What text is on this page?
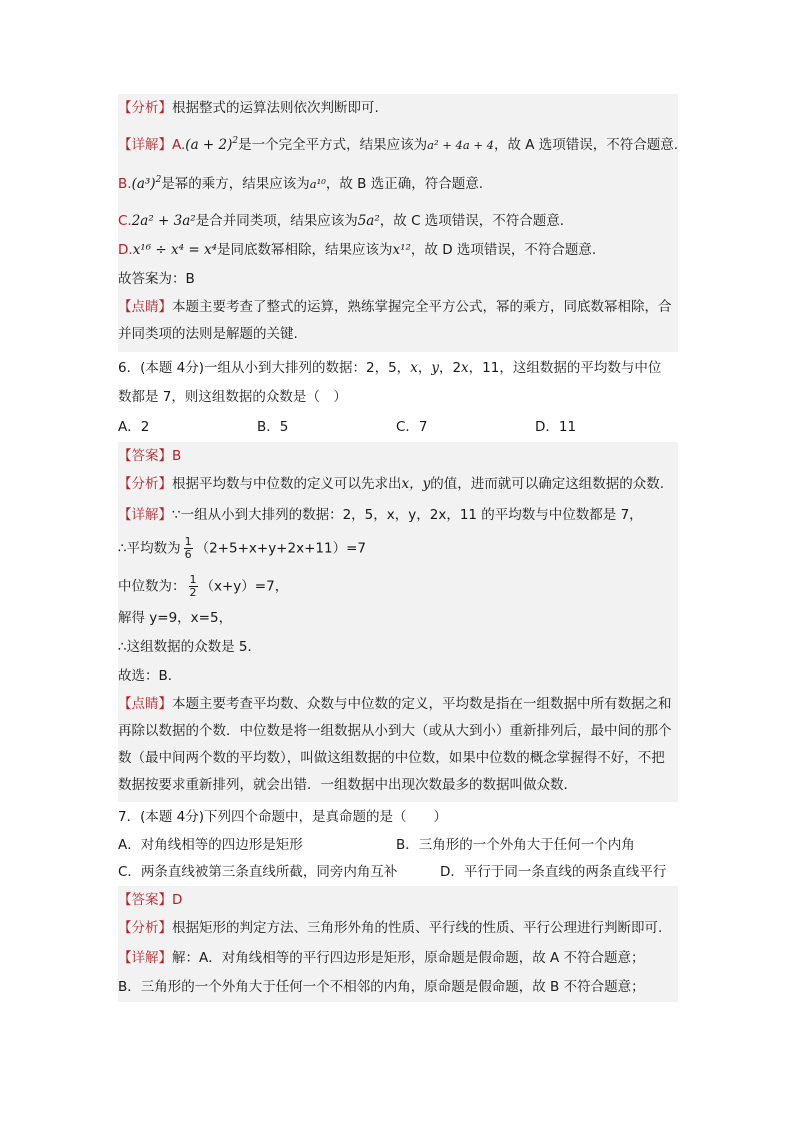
【分析】根据整式的运算法则依次判断即可.
【详解】$A.(a + 2)^2$是一个完全平方式，结果应该为a² + 4a + 4，故 A 选项错误，不符合题意.
$B.(a^3)^2$是幂的乘方，结果应该为a¹⁰，故 B 选正确，符合题意.
C.2a² + 3a²是合并同类项，结果应该为5a²，故 C 选项错误，不符合题意.
D.x¹⁶ ÷ x⁴ = x⁴是同底数幂相除，结果应该为x¹²，故 D 选项错误，不符合题意.
故答案为：B
【点睛】本题主要考查了整式的运算，熟练掌握完全平方公式，幂的乘方，同底数幂相除，合并同类项的法则是解题的关键.
6．(本题 4分)一组从小到大排列的数据：2，5，x，y，2x，11，这组数据的平均数与中位
数都是 7，则这组数据的众数是（　）
A．2	B．5	C．7	D．11
【答案】B
【分析】根据平均数与中位数的定义可以先求出x，y的值，进而就可以确定这组数据的众数.
【详解】∵一组从小到大排列的数据：2，5，x，y，2x，11 的平均数与中位数都是 7，
∴平均数为 $\frac{1}{6} (2+5+x+y+2x+11)=7$
中位数为： $\frac{1}{2} (x+y)=7$，
解得 y=9，x=5，
∴这组数据的众数是 5．
故选：B．
【点睛】本题主要考查平均数、众数与中位数的定义，平均数是指在一组数据中所有数据之和再除以数据的个数．中位数是将一组数据从小到大（或从大到小）重新排列后，最中间的那个数（最中间两个数的平均数），叫做这组数据的中位数，如果中位数的概念掌握得不好，不把数据按要求重新排列，就会出错．一组数据中出现次数最多的数据叫做众数．
7．(本题 4分)下列四个命题中，是真命题的是（　　）
A．对角线相等的四边形是矩形	B．三角形的一个外角大于任何一个内角
C．两条直线被第三条直线所截，同旁内角互补	D．平行于同一条直线的两条直线平行
【答案】D
【分析】根据矩形的判定方法、三角形外角的性质、平行线的性质、平行公理进行判断即可.
【详解】解：A．对角线相等的平行四边形是矩形，原命题是假命题，故 A 不符合题意；
B．三角形的一个外角大于任何一个不相邻的内角，原命题是假命题，故 B 不符合题意；
